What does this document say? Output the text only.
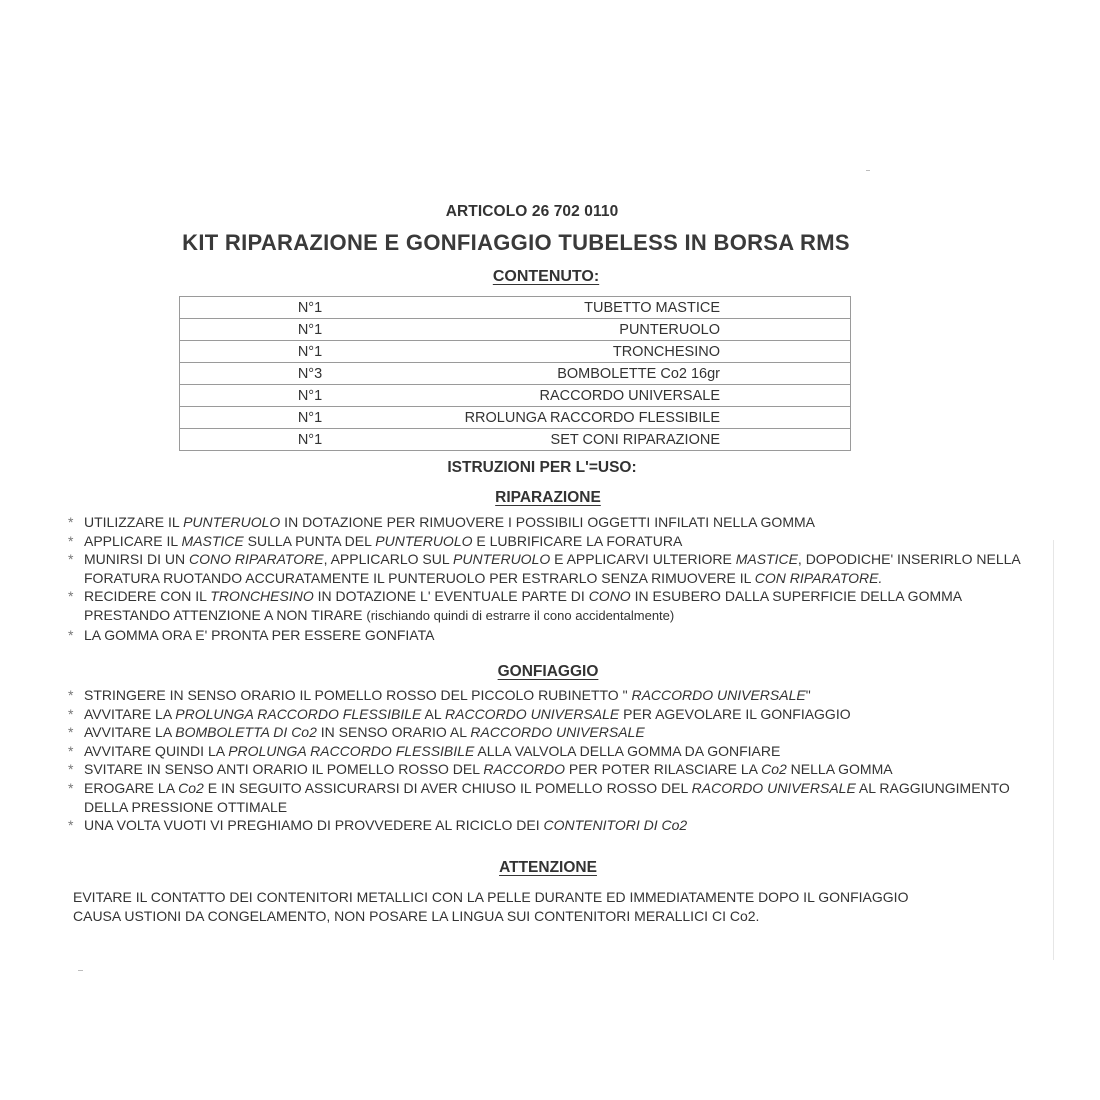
ARTICOLO 26 702 0110
KIT RIPARAZIONE E GONFIAGGIO TUBELESS IN BORSA RMS
CONTENUTO:
N°1	TUBETTO MASTICE
N°1	PUNTERUOLO
N°1	TRONCHESINO
N°3	BOMBOLETTE Co2 16gr
N°1	RACCORDO UNIVERSALE
N°1	RROLUNGA RACCORDO FLESSIBILE
N°1	SET CONI RIPARAZIONE
ISTRUZIONI PER L'=USO:
RIPARAZIONE
* UTILIZZARE IL PUNTERUOLO IN DOTAZIONE PER RIMUOVERE I POSSIBILI OGGETTI INFILATI NELLA GOMMA
* APPLICARE IL MASTICE SULLA PUNTA DEL PUNTERUOLO E LUBRIFICARE LA FORATURA
* MUNIRSI DI UN CONO RIPARATORE, APPLICARLO SUL PUNTERUOLO E APPLICARVI ULTERIORE MASTICE, DOPODICHE' INSERIRLO NELLA FORATURA RUOTANDO ACCURATAMENTE IL PUNTERUOLO PER ESTRARLO SENZA RIMUOVERE IL CON RIPARATORE.
* RECIDERE CON IL TRONCHESINO IN DOTAZIONE L' EVENTUALE PARTE DI CONO IN ESUBERO DALLA SUPERFICIE DELLA GOMMA PRESTANDO ATTENZIONE A NON TIRARE (rischiando quindi di estrarre il cono accidentalmente)
* LA GOMMA ORA E' PRONTA PER ESSERE GONFIATA
GONFIAGGIO
* STRINGERE IN SENSO ORARIO IL POMELLO ROSSO DEL PICCOLO RUBINETTO " RACCORDO UNIVERSALE"
* AVVITARE LA PROLUNGA RACCORDO FLESSIBILE AL RACCORDO UNIVERSALE PER AGEVOLARE IL GONFIAGGIO
* AVVITARE LA BOMBOLETTA DI Co2 IN SENSO ORARIO AL RACCORDO UNIVERSALE
* AVVITARE QUINDI LA PROLUNGA RACCORDO FLESSIBILE ALLA VALVOLA DELLA GOMMA DA GONFIARE
* SVITARE IN SENSO ANTI ORARIO IL POMELLO ROSSO DEL RACCORDO PER POTER RILASCIARE LA Co2 NELLA GOMMA
* EROGARE LA Co2 E IN SEGUITO ASSICURARSI DI AVER CHIUSO IL POMELLO ROSSO DEL RACORDO UNIVERSALE AL RAGGIUNGIMENTO DELLA PRESSIONE OTTIMALE
* UNA VOLTA VUOTI VI PREGHIAMO DI PROVVEDERE AL RICICLO DEI CONTENITORI DI Co2
ATTENZIONE
EVITARE IL CONTATTO DEI CONTENITORI METALLICI CON LA PELLE DURANTE ED IMMEDIATAMENTE DOPO IL GONFIAGGIO
CAUSA USTIONI DA CONGELAMENTO, NON POSARE LA LINGUA SUI CONTENITORI MERALLICI CI Co2.
